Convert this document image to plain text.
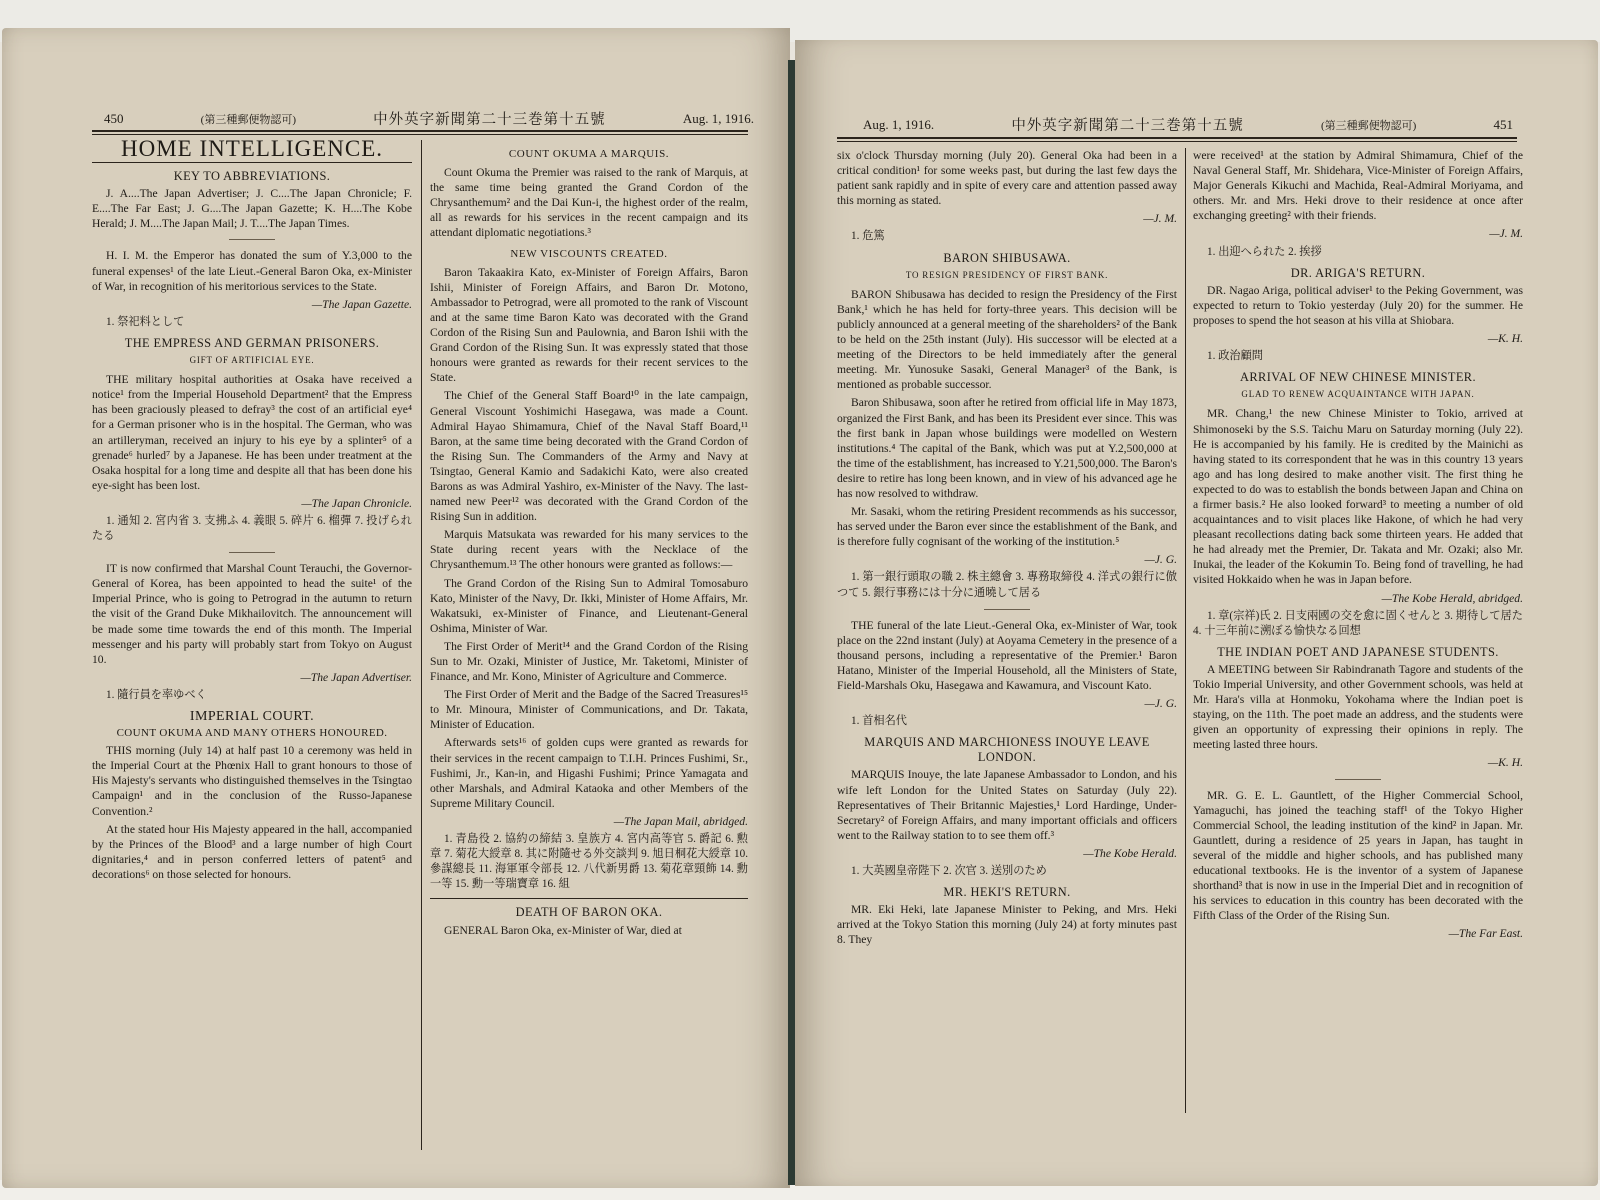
450	(第三種郵便物認可)	中外英字新聞第二十三巻第十五號	Aug. 1, 1916.
HOME INTELLIGENCE.
KEY TO ABBREVIATIONS.

J. A....The Japan Advertiser; J. C....The Japan Chronicle; F. E....The Far East; J. G....The Japan Gazette; K. H....The Kobe Herald; J. M....The Japan Mail; J. T....The Japan Times.

H. I. M. the Emperor has donated the sum of Y.3,000 to the funeral expenses¹ of the late Lieut.-General Baron Oka, ex-Minister of War, in recognition of his meritorious services to the State.

—The Japan Gazette.

1. 祭祀料として

THE EMPRESS AND GERMAN PRISONERS.
GIFT OF ARTIFICIAL EYE.

THE military hospital authorities at Osaka have received a notice¹ from the Imperial Household Department² that the Empress has been graciously pleased to defray³ the cost of an artificial eye⁴ for a German prisoner who is in the hospital. The German, who was an artilleryman, received an injury to his eye by a splinter⁵ of a grenade⁶ hurled⁷ by a Japanese. He has been under treatment at the Osaka hospital for a long time and despite all that has been done his eye-sight has been lost.

—The Japan Chronicle.

1. 通知 2. 宮内省 3. 支拂ふ 4. 義眼 5. 碎片 6. 榴彈 7. 投げられたる

IT is now confirmed that Marshal Count Terauchi, the Governor-General of Korea, has been appointed to head the suite¹ of the Imperial Prince, who is going to Petrograd in the autumn to return the visit of the Grand Duke Mikhailovitch. The announcement will be made some time towards the end of this month. The Imperial messenger and his party will probably start from Tokyo on August 10.

—The Japan Advertiser.

1. 隨行員を率ゆべく

IMPERIAL COURT.
COUNT OKUMA AND MANY OTHERS HONOURED.

THIS morning (July 14) at half past 10 a ceremony was held in the Imperial Court at the Phœnix Hall to grant honours to those of His Majesty's servants who distinguished themselves in the Tsingtao Campaign¹ and in the conclusion of the Russo-Japanese Convention.²

At the stated hour His Majesty appeared in the hall, accompanied by the Princes of the Blood³ and a large number of high Court dignitaries,⁴ and in person conferred letters of patent⁵ and decorations⁶ on those selected for honours.

COUNT OKUMA A MARQUIS.

Count Okuma the Premier was raised to the rank of Marquis, at the same time being granted the Grand Cordon of the Chrysanthemum² and the Dai Kun-i, the highest order of the realm, all as rewards for his services in the recent campaign and its attendant diplomatic negotiations.³

NEW VISCOUNTS CREATED.

Baron Takaakira Kato, ex-Minister of Foreign Affairs, Baron Ishii, Minister of Foreign Affairs, and Baron Dr. Motono, Ambassador to Petrograd, were all promoted to the rank of Viscount and at the same time Baron Kato was decorated with the Grand Cordon of the Rising Sun and Paulownia, and Baron Ishii with the Grand Cordon of the Rising Sun. It was expressly stated that those honours were granted as rewards for their recent services to the State.

The Chief of the General Staff Board¹⁰ in the late campaign, General Viscount Yoshimichi Hasegawa, was made a Count. Admiral Hayao Shimamura, Chief of the Naval Staff Board,¹¹ Baron, at the same time being decorated with the Grand Cordon of the Rising Sun. The Commanders of the Army and Navy at Tsingtao, General Kamio and Sadakichi Kato, were also created Barons as was Admiral Yashiro, ex-Minister of the Navy. The last-named new Peer¹² was decorated with the Grand Cordon of the Rising Sun in addition.

Marquis Matsukata was rewarded for his many services to the State during recent years with the Necklace of the Chrysanthemum.¹³ The other honours were granted as follows:—

The Grand Cordon of the Rising Sun to Admiral Tomosaburo Kato, Minister of the Navy, Dr. Ikki, Minister of Home Affairs, Mr. Wakatsuki, ex-Minister of Finance, and Lieutenant-General Oshima, Minister of War.

The First Order of Merit¹⁴ and the Grand Cordon of the Rising Sun to Mr. Ozaki, Minister of Justice, Mr. Taketomi, Minister of Finance, and Mr. Kono, Minister of Agriculture and Commerce.

The First Order of Merit and the Badge of the Sacred Treasures¹⁵ to Mr. Minoura, Minister of Communications, and Dr. Takata, Minister of Education.

Afterwards sets¹⁶ of golden cups were granted as rewards for their services in the recent campaign to T.I.H. Princes Fushimi, Sr., Fushimi, Jr., Kan-in, and Higashi Fushimi; Prince Yamagata and other Marshals, and Admiral Kataoka and other Members of the Supreme Military Council.

—The Japan Mail, abridged.

1. 青島役 2. 協約の締結 3. 皇族方 4. 宮内高等官 5. 爵記 6. 勲章 7. 菊花大綬章 8. 其に附隨せる外交談判 9. 旭日桐花大綬章 10. 參謀總長 11. 海軍軍令部長 12. 八代新男爵 13. 菊花章頸飾 14. 勳一等 15. 勳一等瑞寶章 16. 組

DEATH OF BARON OKA.

GENERAL Baron Oka, ex-Minister of War, died at

Aug. 1, 1916.	中外英字新聞第二十三巻第十五號	(第三種郵便物認可)	451

six o'clock Thursday morning (July 20). General Oka had been in a critical condition¹ for some weeks past, but during the last few days the patient sank rapidly and in spite of every care and attention passed away this morning as stated.

—J. M.

1. 危篤

BARON SHIBUSAWA.
TO RESIGN PRESIDENCY OF FIRST BANK.

BARON Shibusawa has decided to resign the Presidency of the First Bank,¹ which he has held for forty-three years. This decision will be publicly announced at a general meeting of the shareholders² of the Bank to be held on the 25th instant (July). His successor will be elected at a meeting of the Directors to be held immediately after the general meeting. Mr. Yunosuke Sasaki, General Manager³ of the Bank, is mentioned as probable successor.

Baron Shibusawa, soon after he retired from official life in May 1873, organized the First Bank, and has been its President ever since. This was the first bank in Japan whose buildings were modelled on Western institutions.⁴ The capital of the Bank, which was put at Y.2,500,000 at the time of the establishment, has increased to Y.21,500,000. The Baron's desire to retire has long been known, and in view of his advanced age he has now resolved to withdraw.

Mr. Sasaki, whom the retiring President recommends as his successor, has served under the Baron ever since the establishment of the Bank, and is therefore fully cognisant of the working of the institution.⁵

—J. G.

1. 第一銀行頭取の職 2. 株主總會 3. 專務取締役 4. 洋式の銀行に倣つて 5. 銀行事務には十分に通曉して居る

THE funeral of the late Lieut.-General Oka, ex-Minister of War, took place on the 22nd instant (July) at Aoyama Cemetery in the presence of a thousand persons, including a representative of the Premier.¹ Baron Hatano, Minister of the Imperial Household, all the Ministers of State, Field-Marshals Oku, Hasegawa and Kawamura, and Viscount Kato.

—J. G.

1. 首相名代

MARQUIS AND MARCHIONESS INOUYE LEAVE LONDON.

MARQUIS Inouye, the late Japanese Ambassador to London, and his wife left London for the United States on Saturday (July 22). Representatives of Their Britannic Majesties,¹ Lord Hardinge, Under-Secretary² of Foreign Affairs, and many important officials and officers went to the Railway station to to see them off.³

—The Kobe Herald.

1. 大英國皇帝陛下 2. 次官 3. 送別のため

MR. HEKI'S RETURN.

MR. Eki Heki, late Japanese Minister to Peking, and Mrs. Heki arrived at the Tokyo Station this morning (July 24) at forty minutes past 8. They

were received¹ at the station by Admiral Shimamura, Chief of the Naval General Staff, Mr. Shidehara, Vice-Minister of Foreign Affairs, Major Generals Kikuchi and Machida, Real-Admiral Moriyama, and others. Mr. and Mrs. Heki drove to their residence at once after exchanging greeting² with their friends.

—J. M.

1. 出迎へられた 2. 挨拶

DR. ARIGA'S RETURN.

DR. Nagao Ariga, political adviser¹ to the Peking Government, was expected to return to Tokio yesterday (July 20) for the summer. He proposes to spend the hot season at his villa at Shiobara.

—K. H.

1. 政治顧問

ARRIVAL OF NEW CHINESE MINISTER.
GLAD TO RENEW ACQUAINTANCE WITH JAPAN.

MR. Chang,¹ the new Chinese Minister to Tokio, arrived at Shimonoseki by the S.S. Taichu Maru on Saturday morning (July 22). He is accompanied by his family. He is credited by the Mainichi as having stated to its correspondent that he was in this country 13 years ago and has long desired to make another visit. The first thing he expected to do was to establish the bonds between Japan and China on a firmer basis.² He also looked forward³ to meeting a number of old acquaintances and to visit places like Hakone, of which he had very pleasant recollections dating back some thirteen years. He added that he had already met the Premier, Dr. Takata and Mr. Ozaki; also Mr. Inukai, the leader of the Kokumin To. Being fond of travelling, he had visited Hokkaido when he was in Japan before.

—The Kobe Herald, abridged.

1. 章(宗祥)氏 2. 日支兩國の交を愈に固くせんと 3. 期待して居た 4. 十三年前に溯ぼる愉快なる回想

THE INDIAN POET AND JAPANESE STUDENTS.

A MEETING between Sir Rabindranath Tagore and students of the Tokio Imperial University, and other Government schools, was held at Mr. Hara's villa at Honmoku, Yokohama where the Indian poet is staying, on the 11th. The poet made an address, and the students were given an opportunity of expressing their opinions in reply. The meeting lasted three hours.

—K. H.

MR. G. E. L. Gauntlett, of the Higher Commercial School, Yamaguchi, has joined the teaching staff¹ of the Tokyo Higher Commercial School, the leading institution of the kind² in Japan. Mr. Gauntlett, during a residence of 25 years in Japan, has taught in several of the middle and higher schools, and has published many educational textbooks. He is the inventor of a system of Japanese shorthand³ that is now in use in the Imperial Diet and in recognition of his services to education in this country has been decorated with the Fifth Class of the Order of the Rising Sun.

—The Far East.
